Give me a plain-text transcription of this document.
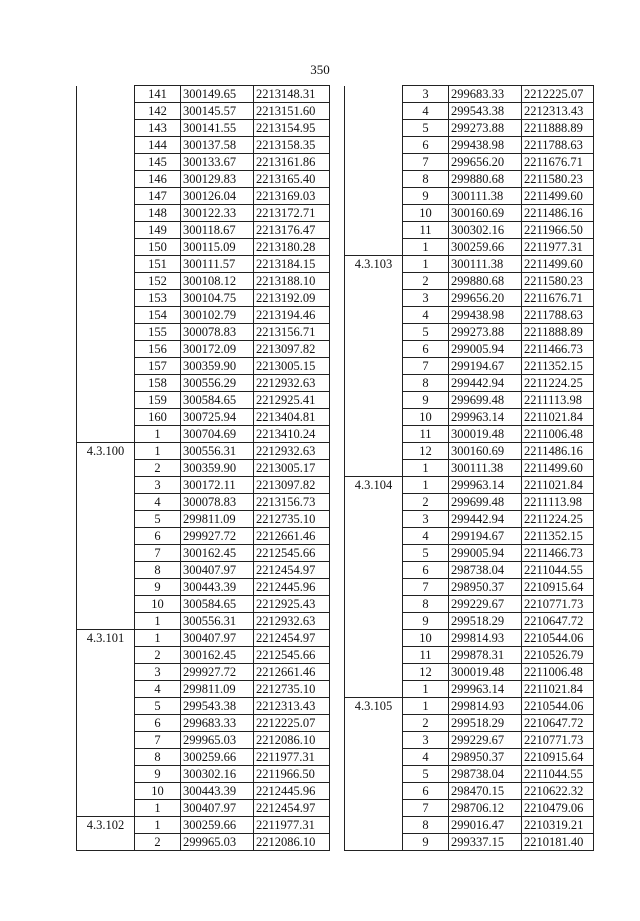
350
	141	300149.65	2213148.31
	142	300145.57	2213151.60
	143	300141.55	2213154.95
	144	300137.58	2213158.35
	145	300133.67	2213161.86
	146	300129.83	2213165.40
	147	300126.04	2213169.03
	148	300122.33	2213172.71
	149	300118.67	2213176.47
	150	300115.09	2213180.28
	151	300111.57	2213184.15
	152	300108.12	2213188.10
	153	300104.75	2213192.09
	154	300102.79	2213194.46
	155	300078.83	2213156.71
	156	300172.09	2213097.82
	157	300359.90	2213005.15
	158	300556.29	2212932.63
	159	300584.65	2212925.41
	160	300725.94	2213404.81
	1	300704.69	2213410.24
4.3.100	1	300556.31	2212932.63
	2	300359.90	2213005.17
	3	300172.11	2213097.82
	4	300078.83	2213156.73
	5	299811.09	2212735.10
	6	299927.72	2212661.46
	7	300162.45	2212545.66
	8	300407.97	2212454.97
	9	300443.39	2212445.96
	10	300584.65	2212925.43
	1	300556.31	2212932.63
4.3.101	1	300407.97	2212454.97
	2	300162.45	2212545.66
	3	299927.72	2212661.46
	4	299811.09	2212735.10
	5	299543.38	2212313.43
	6	299683.33	2212225.07
	7	299965.03	2212086.10
	8	300259.66	2211977.31
	9	300302.16	2211966.50
	10	300443.39	2212445.96
	1	300407.97	2212454.97
4.3.102	1	300259.66	2211977.31
	2	299965.03	2212086.10
	3	299683.33	2212225.07
	4	299543.38	2212313.43
	5	299273.88	2211888.89
	6	299438.98	2211788.63
	7	299656.20	2211676.71
	8	299880.68	2211580.23
	9	300111.38	2211499.60
	10	300160.69	2211486.16
	11	300302.16	2211966.50
	1	300259.66	2211977.31
4.3.103	1	300111.38	2211499.60
	2	299880.68	2211580.23
	3	299656.20	2211676.71
	4	299438.98	2211788.63
	5	299273.88	2211888.89
	6	299005.94	2211466.73
	7	299194.67	2211352.15
	8	299442.94	2211224.25
	9	299699.48	2211113.98
	10	299963.14	2211021.84
	11	300019.48	2211006.48
	12	300160.69	2211486.16
	1	300111.38	2211499.60
4.3.104	1	299963.14	2211021.84
	2	299699.48	2211113.98
	3	299442.94	2211224.25
	4	299194.67	2211352.15
	5	299005.94	2211466.73
	6	298738.04	2211044.55
	7	298950.37	2210915.64
	8	299229.67	2210771.73
	9	299518.29	2210647.72
	10	299814.93	2210544.06
	11	299878.31	2210526.79
	12	300019.48	2211006.48
	1	299963.14	2211021.84
4.3.105	1	299814.93	2210544.06
	2	299518.29	2210647.72
	3	299229.67	2210771.73
	4	298950.37	2210915.64
	5	298738.04	2211044.55
	6	298470.15	2210622.32
	7	298706.12	2210479.06
	8	299016.47	2210319.21
	9	299337.15	2210181.40
